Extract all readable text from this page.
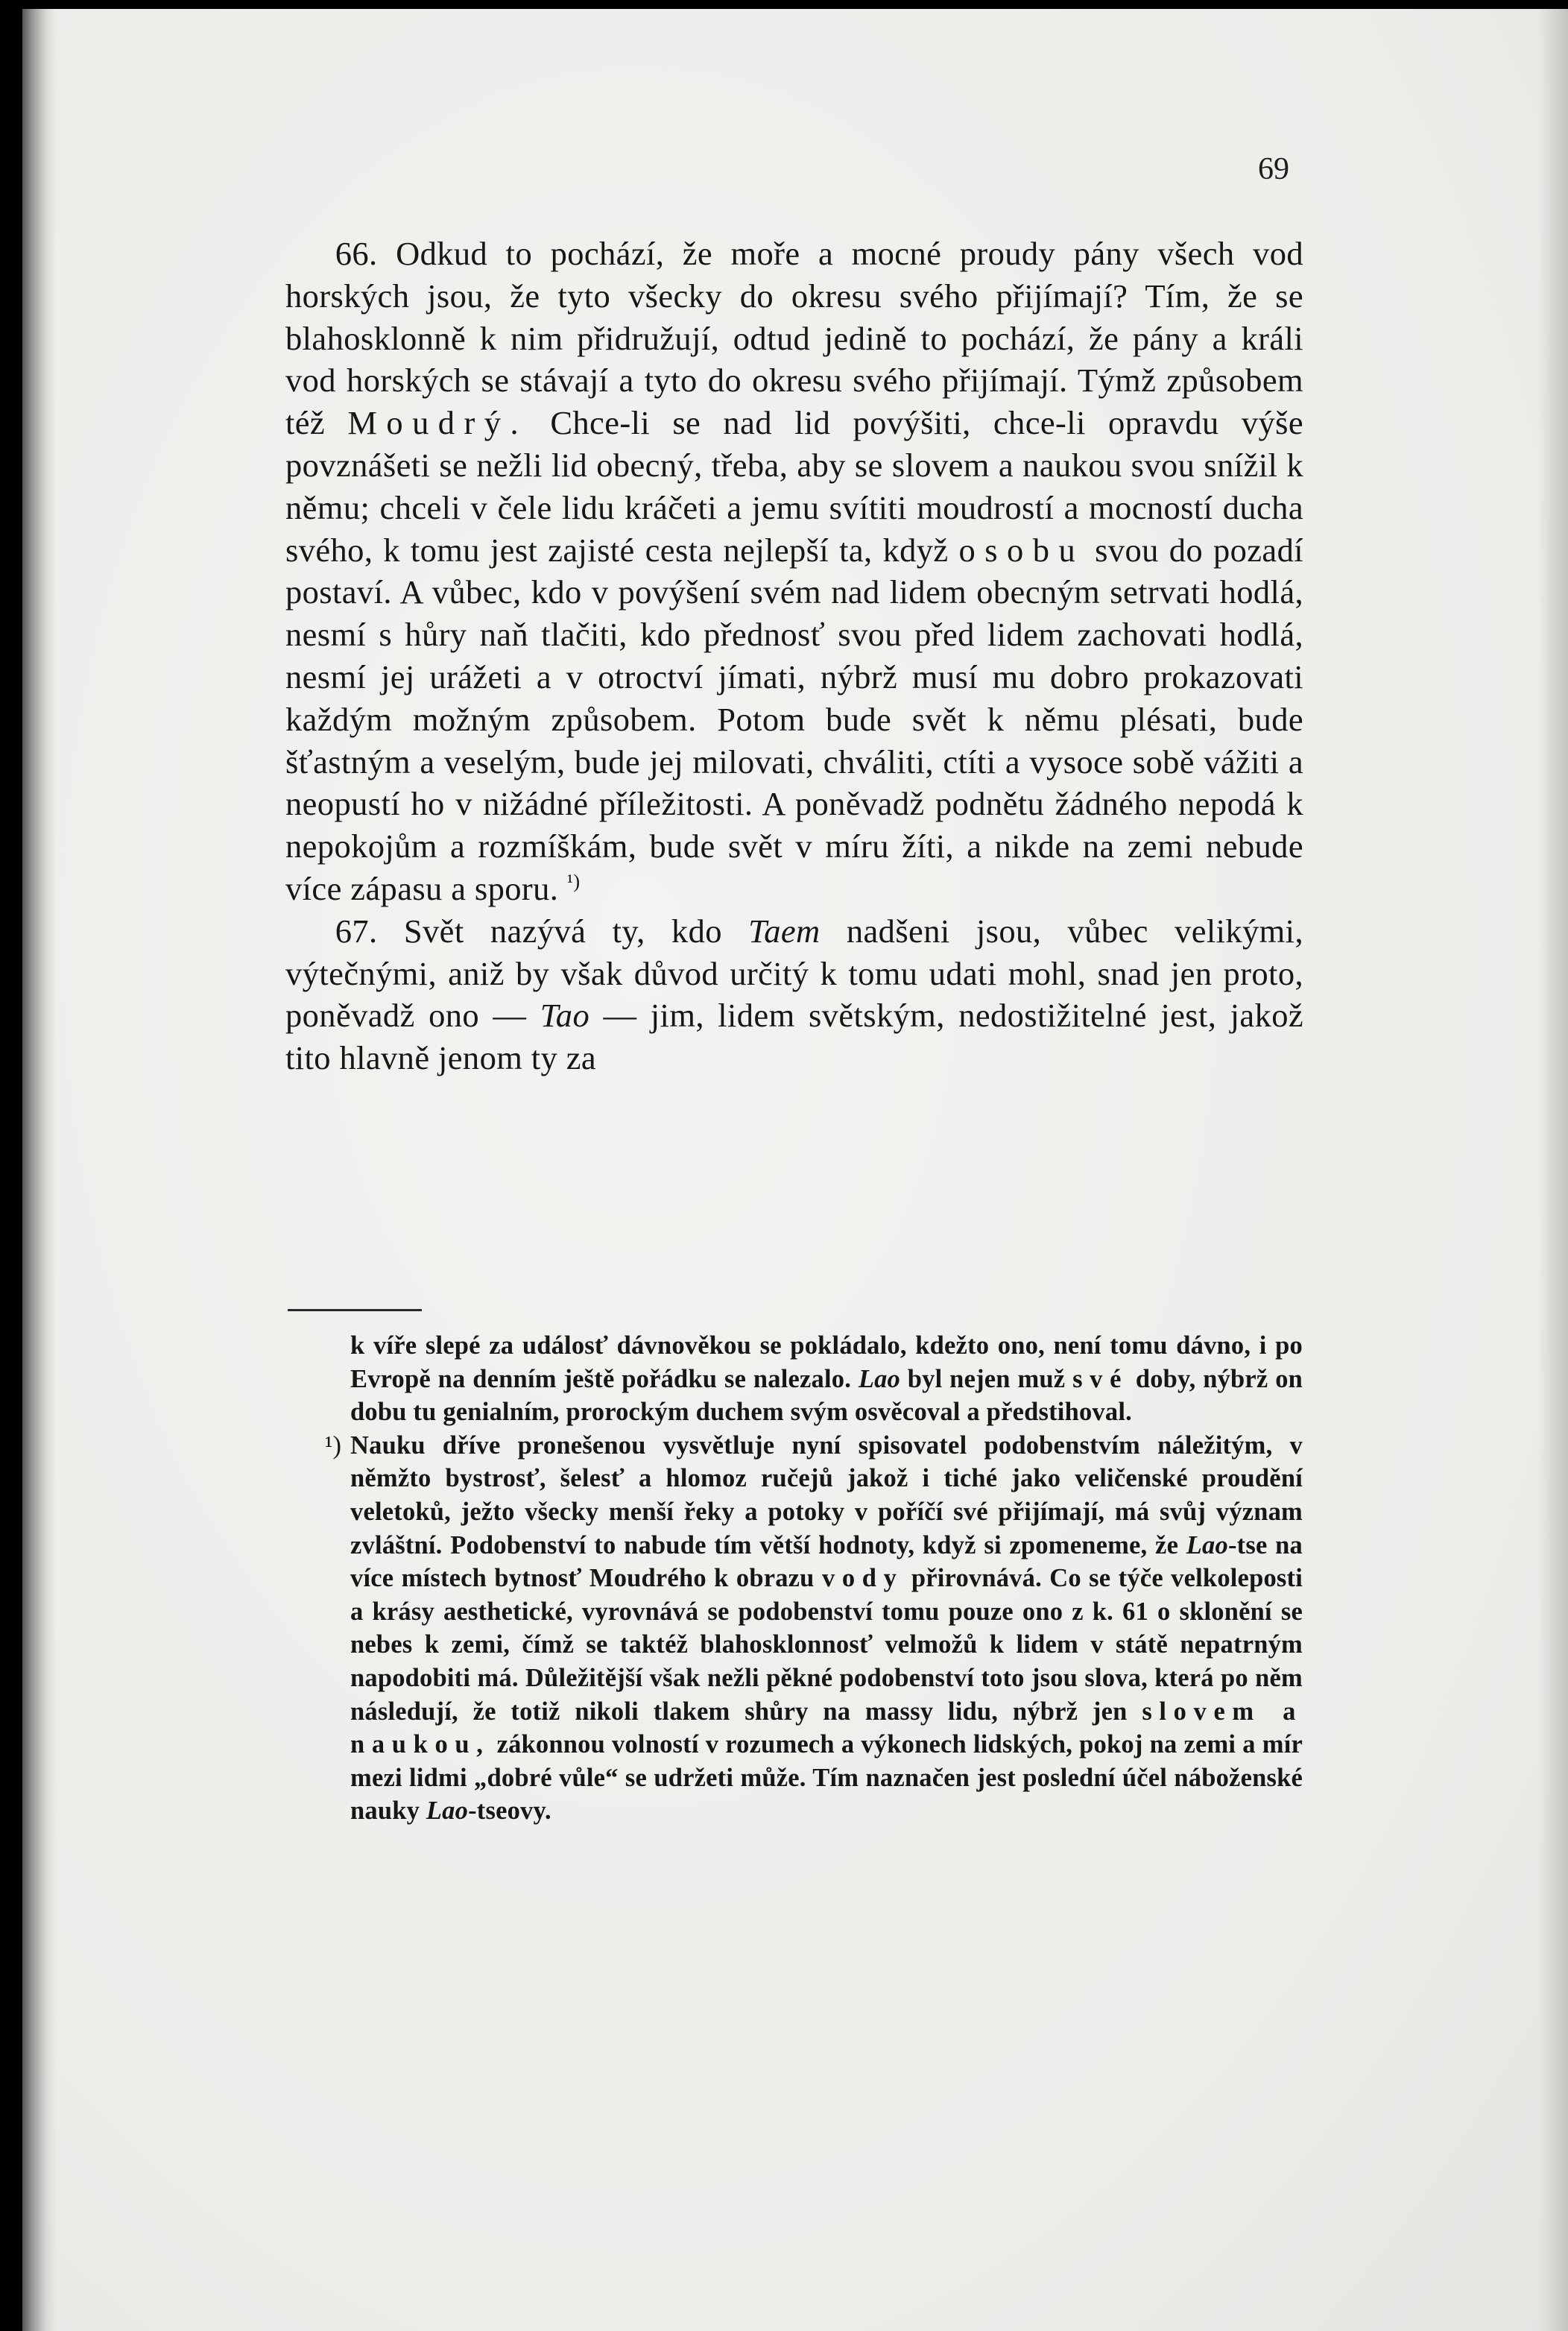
69

66. Odkud to pochází, že moře a mocné proudy pány všech vod horských jsou, že tyto všecky do okresu svého přijímají? Tím, že se blahosklonně k nim přidružují, odtud jedině to pochází, že pány a králi vod horských se stávají a tyto do okresu svého přijímají. Týmž způsobem též Moudrý. Chce-li se nad lid povýšiti, chce-li opravdu výše povznášeti se nežli lid obecný, třeba, aby se slovem a naukou svou snížil k němu; chceli v čele lidu kráčeti a jemu svítiti moudrostí a mocností ducha svého, k tomu jest zajisté cesta nejlepší ta, když osobu svou do pozadí postaví. A vůbec, kdo v povýšení svém nad lidem obecným setrvati hodlá, nesmí s hůry naň tlačiti, kdo přednosť svou před lidem zachovati hodlá, nesmí jej urážeti a v otroctví jímati, nýbrž musí mu dobro prokazovati každým možným způsobem. Potom bude svět k němu plésati, bude šťastným a veselým, bude jej milovati, chváliti, ctíti a vysoce sobě vážiti a neopustí ho v nižádné příležitosti. A poněvadž podnětu žádného nepodá k nepokojům a rozmíškám, bude svět v míru žíti, a nikde na zemi nebude více zápasu a sporu. $^{^1)}$

67. Svět nazývá ty, kdo Taem nadšeni jsou, vůbec velikými, výtečnými, aniž by však důvod určitý k tomu udati mohl, snad jen proto, poněvadž ono — Tao — jim, lidem světským, nedostižitelné jest, jakož tito hlavně jenom ty za

k víře slepé za událosť dávnověkou se pokládalo, kdežto ono, není tomu dávno, i po Evropě na denním ještě pořádku se nalezalo. Lao byl nejen muž své doby, nýbrž on dobu tu genialním, prorockým duchem svým osvěcoval a předstihoval.

¹) Nauku dříve pronešenou vysvětluje nyní spisovatel podobenstvím náležitým, v němžto bystrosť, šelesť a hlomoz ručejů jakož i tiché jako veličenské proudění veletoků, ježto všecky menší řeky a potoky v poříčí své přijímají, má svůj význam zvláštní. Podobenství to nabude tím větší hodnoty, když si zpomeneme, že Lao-tse na více místech bytnosť Moudrého k obrazu vody přirovnává. Co se týče velkoleposti a krásy aesthetické, vyrovnává se podobenství tomu pouze ono z k. 61 o sklonění se nebes k zemi, čímž se taktéž blahosklonnosť velmožů k lidem v státě nepatrným napodobiti má. Důležitější však nežli pěkné podobenství toto jsou slova, která po něm následují, že totiž nikoli tlakem shůry na massy lidu, nýbrž jen slovem a naukou, zákonnou volností v rozumech a výkonech lidských, pokoj na zemi a mír mezi lidmi „dobré vůle“ se udržeti může. Tím naznačen jest poslední účel náboženské nauky Lao-tseovy.
